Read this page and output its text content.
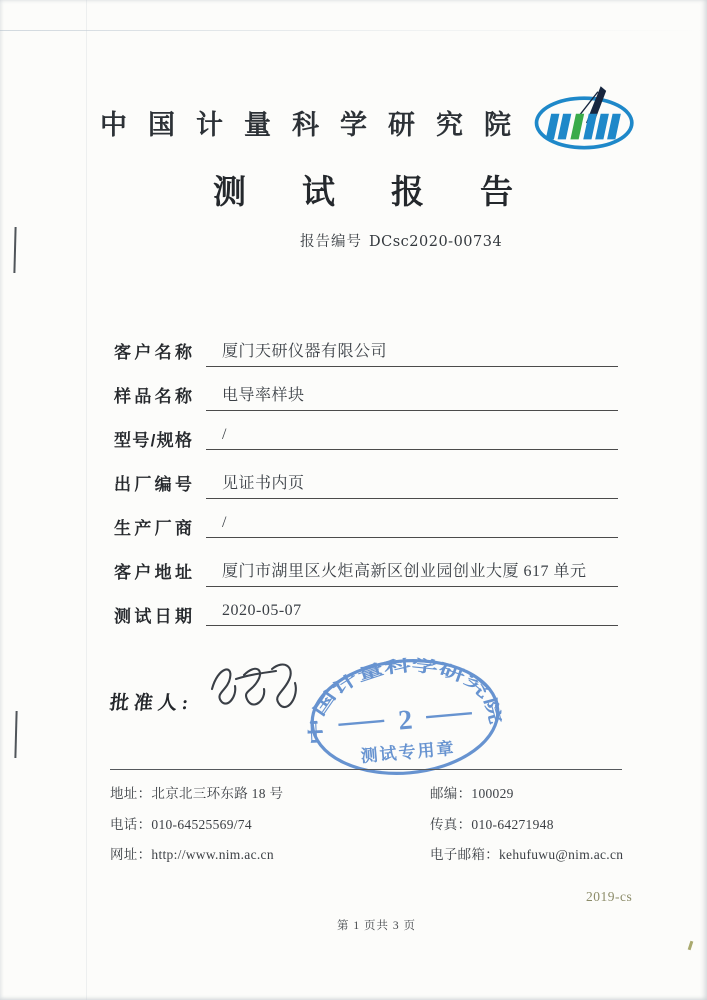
中国计量科学研究院
测试报告
报告编号 DCsc2020-00734
客户名称	厦门天研仪器有限公司
样品名称	电导率样块
型号/规格	/
出厂编号	见证书内页
生产厂商	/
客户地址	厦门市湖里区火炬高新区创业园创业大厦 617 单元
测试日期	2020-05-07
批准人:
中国计量科学研究院
2
测试专用章
地址：北京北三环东路 18 号	邮编：100029
电话：010-64525569/74	传真：010-64271948
网址：http://www.nim.ac.cn	电子邮箱：kehufuwu@nim.ac.cn
2019-cs
第 1 页共 3 页
